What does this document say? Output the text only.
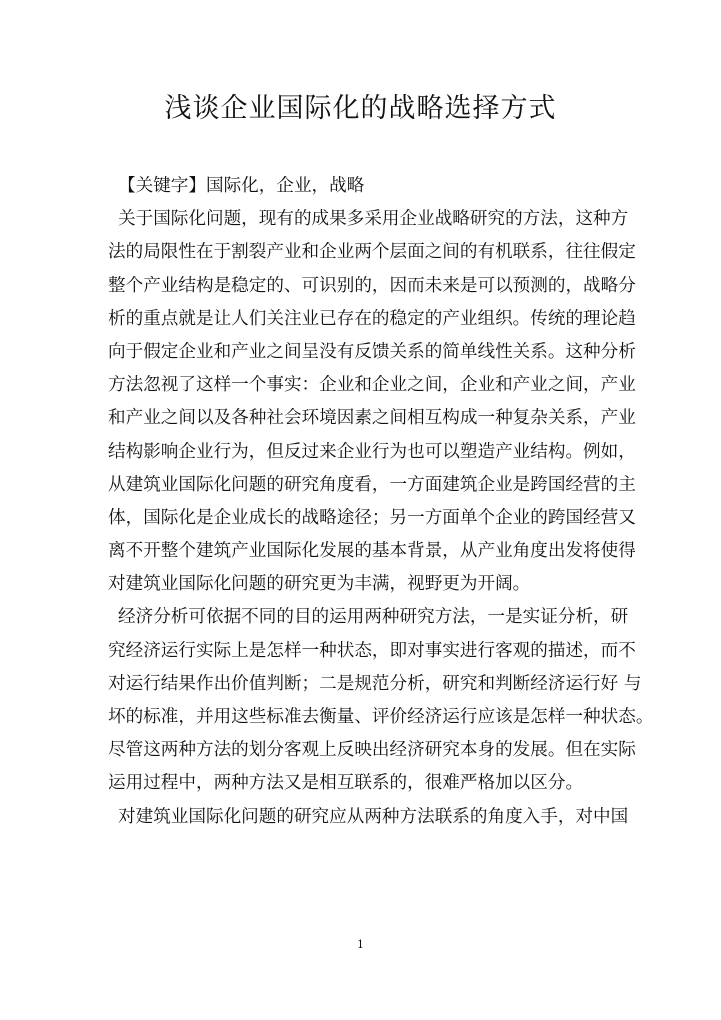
浅谈企业国际化的战略选择方式
【关键字】国际化，企业，战略
关于国际化问题，现有的成果多采用企业战略研究的方法，这种方
法的局限性在于割裂产业和企业两个层面之间的有机联系，往往假定
整个产业结构是稳定的、可识别的，因而未来是可以预测的，战略分
析的重点就是让人们关注业已存在的稳定的产业组织。传统的理论趋
向于假定企业和产业之间呈没有反馈关系的简单线性关系。这种分析
方法忽视了这样一个事实：企业和企业之间，企业和产业之间，产业
和产业之间以及各种社会环境因素之间相互构成一种复杂关系，产业
结构影响企业行为，但反过来企业行为也可以塑造产业结构。例如，
从建筑业国际化问题的研究角度看，一方面建筑企业是跨国经营的主
体，国际化是企业成长的战略途径；另一方面单个企业的跨国经营又
离不开整个建筑产业国际化发展的基本背景，从产业角度出发将使得
对建筑业国际化问题的研究更为丰满，视野更为开阔。
经济分析可依据不同的目的运用两种研究方法，一是实证分析，研
究经济运行实际上是怎样一种状态，即对事实进行客观的描述，而不
对运行结果作出价值判断；二是规范分析，研究和判断经济运行好 与
坏的标准，并用这些标准去衡量、评价经济运行应该是怎样一种状态。
尽管这两种方法的划分客观上反映出经济研究本身的发展。但在实际
运用过程中，两种方法又是相互联系的，很难严格加以区分。
对建筑业国际化问题的研究应从两种方法联系的角度入手，对中国
1
